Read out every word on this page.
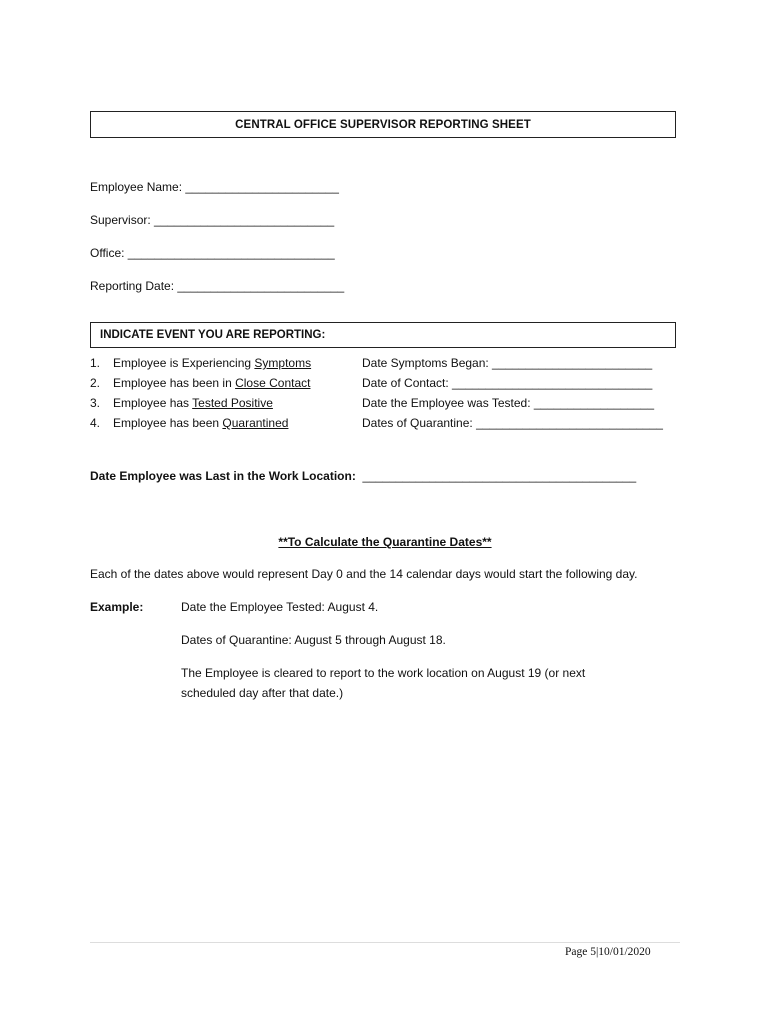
CENTRAL OFFICE SUPERVISOR REPORTING SHEET
Employee Name: _______________________
Supervisor: ___________________________
Office: _______________________________
Reporting Date: _________________________
INDICATE EVENT YOU ARE REPORTING:
1. Employee is Experiencing Symptoms	Date Symptoms Began: ________________________
2. Employee has been in Close Contact	Date of Contact: ______________________________
3. Employee has Tested Positive	Date the Employee was Tested: __________________
4. Employee has been Quarantined	Dates of Quarantine: ____________________________
Date Employee was Last in the Work Location: _________________________________________
**To Calculate the Quarantine Dates**
Each of the dates above would represent Day 0 and the 14 calendar days would start the following day.
Example:	Date the Employee Tested: August 4.
Dates of Quarantine: August 5 through August 18.
The Employee is cleared to report to the work location on August 19 (or next
scheduled day after that date.)
Page 5|10/01/2020
